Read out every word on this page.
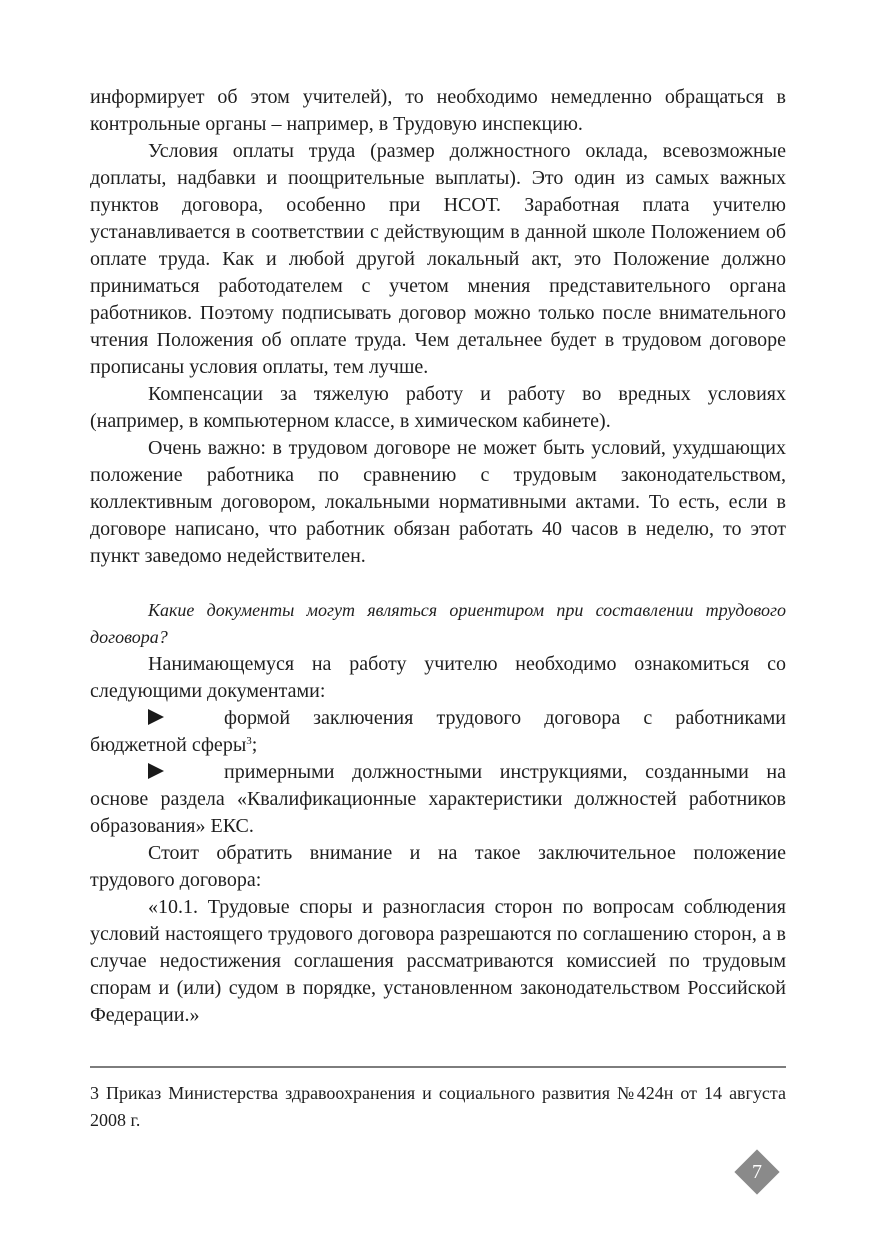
информирует об этом учителей), то необходимо немедленно обращаться в контрольные органы – например, в Трудовую инспекцию.

Условия оплаты труда (размер должностного оклада, всевозможные доплаты, надбавки и поощрительные выплаты). Это один из самых важных пунктов договора, особенно при НСОТ. Заработная плата учителю устанавливается в соответствии с действующим в данной школе Положением об оплате труда. Как и любой другой локальный акт, это Положение должно приниматься работодателем с учетом мнения представительного органа работников. Поэтому подписывать договор можно только после внимательного чтения Положения об оплате труда. Чем детальнее будет в трудовом договоре прописаны условия оплаты, тем лучше.

Компенсации за тяжелую работу и работу во вредных условиях (например, в компьютерном классе, в химическом кабинете).

Очень важно: в трудовом договоре не может быть условий, ухудшающих положение работника по сравнению с трудовым законодательством, коллективным договором, локальными нормативными актами. То есть, если в договоре написано, что работник обязан работать 40 часов в неделю, то этот пункт заведомо недействителен.

Какие документы могут являться ориентиром при составлении трудового договора?

Нанимающемуся на работу учителю необходимо ознакомиться со следующими документами:

формой заключения трудового договора с работниками бюджетной сферы$^3$;

примерными должностными инструкциями, созданными на основе раздела «Квалификационные характеристики должностей работников образования» ЕКС.

Стоит обратить внимание и на такое заключительное положение трудового договора:

«10.1. Трудовые споры и разногласия сторон по вопросам соблюдения условий настоящего трудового договора разрешаются по соглашению сторон, а в случае недостижения соглашения рассматриваются комиссией по трудовым спорам и (или) судом в порядке, установленном законодательством Российской Федерации.»

3 Приказ Министерства здравоохранения и социального развития №424н от 14 августа 2008 г.

7
